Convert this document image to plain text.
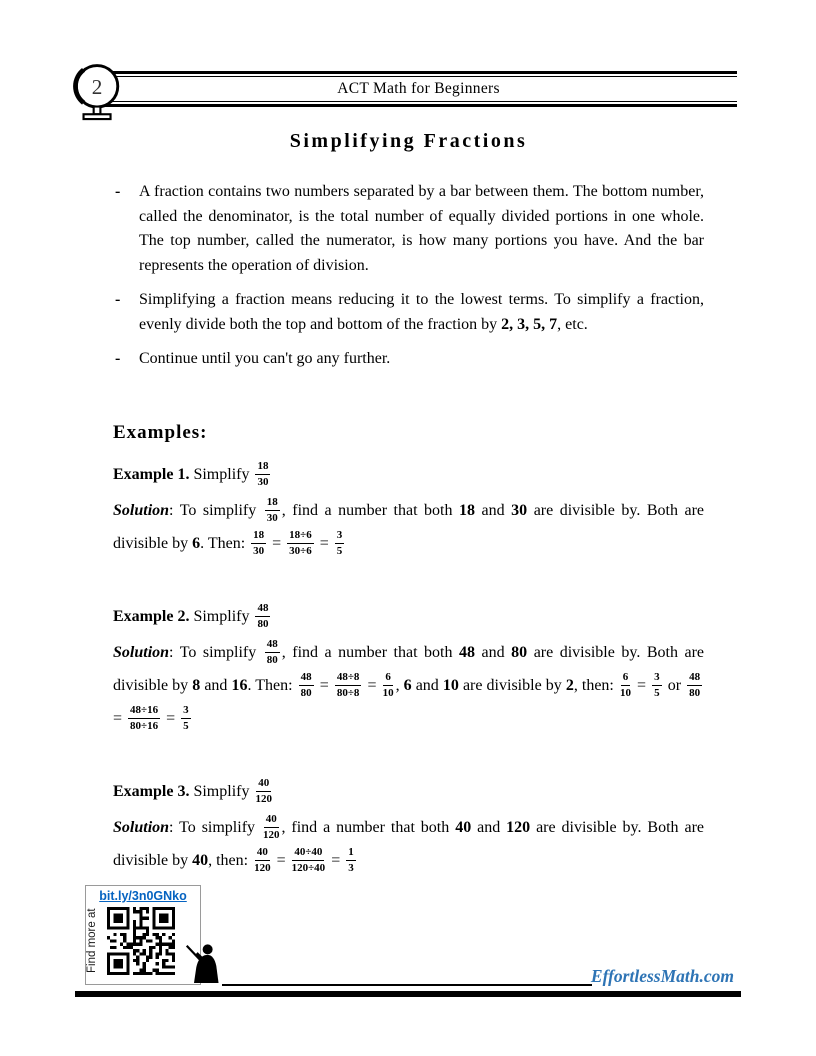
2	ACT Math for Beginners
Simplifying Fractions
-	A fraction contains two numbers separated by a bar between them. The bottom number, called the denominator, is the total number of equally divided portions in one whole. The top number, called the numerator, is how many portions you have. And the bar represents the operation of division.
-	Simplifying a fraction means reducing it to the lowest terms. To simplify a fraction, evenly divide both the top and bottom of the fraction by 2, 3, 5, 7, etc.
-	Continue until you can't go any further.
Examples:

Example 1. Simplify $\frac{18}{30}$

Solution: To simplify $\frac{18}{30}$ , find a number that both 18 and 30 are divisible by. Both are divisible by 6. Then: $\frac{18}{30} = \frac{18\div 6}{30\div 6} = \frac{3}{5}$

Example 2. Simplify $\frac{48}{80}$

Solution: To simplify $\frac{48}{80}$ , find a number that both 48 and 80 are divisible by. Both are divisible by 8 and 16. Then: $\frac{48}{80} = \frac{48\div 8}{80\div 8} = \frac{6}{10}$ , 6 and 10 are divisible by 2, then: $\frac{6}{10} = \frac{3}{5}$ or $\frac{48}{80}$
= $\frac{48\div 16}{80\div 16} = \frac{3}{5}$

Example 3. Simplify $\frac{40}{120}$

Solution: To simplify $\frac{40}{120}$ , find a number that both 40 and 120 are divisible by. Both are divisible by 40, then: $\frac{40}{120} = \frac{40\div 40}{120\div 40} = \frac{1}{3}$

bit.ly/3n0GNko
Find more at
EffortlessMath.com
